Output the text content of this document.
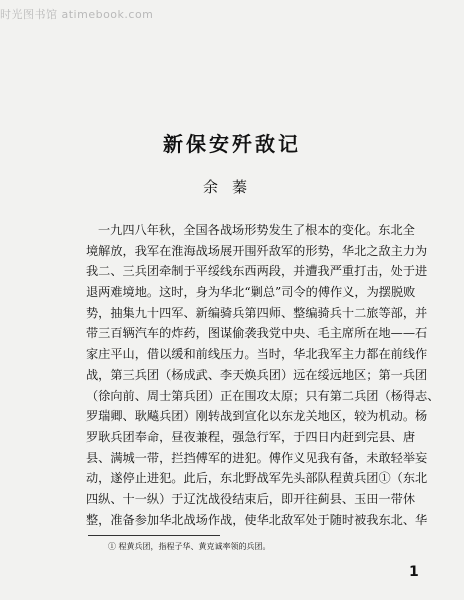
时光图书馆 atimebook.com
新保安歼敌记
余蓁
一九四八年秋，全国各战场形势发生了根本的变化。东北全
境解放，我军在淮海战场展开围歼敌军的形势，华北之敌主力为
我二、三兵团牵制于平绥线东西两段，并遭我严重打击，处于进
退两难境地。这时，身为华北“剿总”司令的傅作义，为摆脱败
势，抽集九十四军、新编骑兵第四师、整编骑兵十二旅等部，并
带三百辆汽车的炸药，图谋偷袭我党中央、毛主席所在地——石
家庄平山，借以缓和前线压力。当时，华北我军主力都在前线作
战，第三兵团（杨成武、李天焕兵团）远在绥远地区；第一兵团
（徐向前、周士第兵团）正在围攻太原；只有第二兵团（杨得志、
罗瑞卿、耿飚兵团）刚转战到宣化以东龙关地区，较为机动。杨
罗耿兵团奉命，昼夜兼程，强急行军，于四日内赶到完县、唐
县、满城一带，拦挡傅军的进犯。傅作义见我有备，未敢轻举妄
动，遂停止进犯。此后，东北野战军先头部队程黄兵团①（东北
四纵、十一纵）于辽沈战役结束后，即开往蓟县、玉田一带休
整，准备参加华北战场作战，使华北敌军处于随时被我东北、华
① 程黄兵团，指程子华、黄克诚率领的兵团。
1
